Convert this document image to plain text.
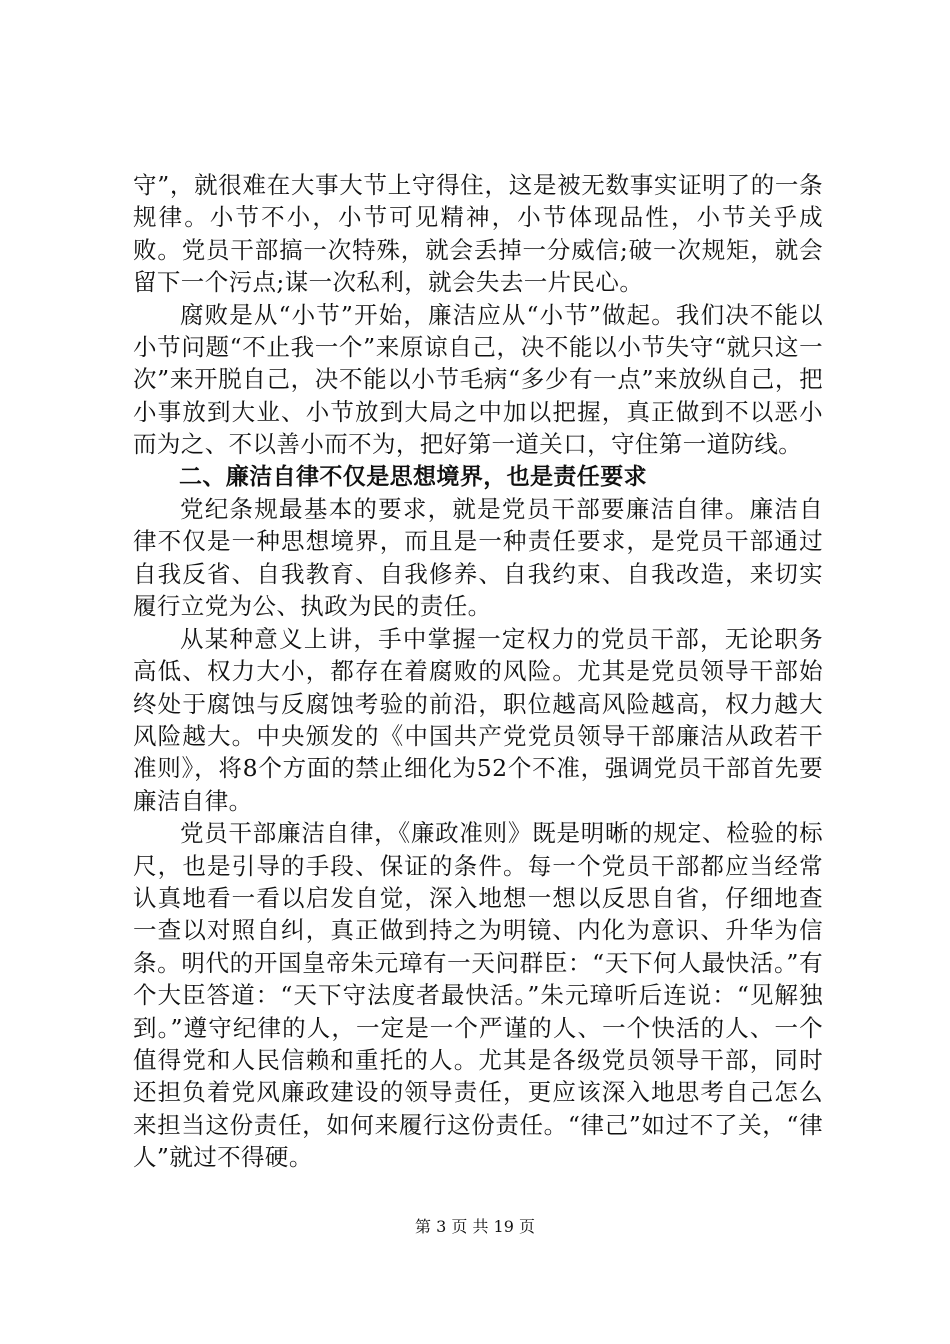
守”，就很难在大事大节上守得住，这是被无数事实证明了的一条规律。小节不小，小节可见精神，小节体现品性，小节关乎成败。党员干部搞一次特殊，就会丢掉一分威信;破一次规矩，就会留下一个污点;谋一次私利，就会失去一片民心。

腐败是从“小节”开始，廉洁应从“小节”做起。我们决不能以小节问题“不止我一个”来原谅自己，决不能以小节失守“就只这一次”来开脱自己，决不能以小节毛病“多少有一点”来放纵自己，把小事放到大业、小节放到大局之中加以把握，真正做到不以恶小而为之、不以善小而不为，把好第一道关口，守住第一道防线。

二、廉洁自律不仅是思想境界，也是责任要求

党纪条规最基本的要求，就是党员干部要廉洁自律。廉洁自律不仅是一种思想境界，而且是一种责任要求，是党员干部通过自我反省、自我教育、自我修养、自我约束、自我改造，来切实履行立党为公、执政为民的责任。

从某种意义上讲，手中掌握一定权力的党员干部，无论职务高低、权力大小，都存在着腐败的风险。尤其是党员领导干部始终处于腐蚀与反腐蚀考验的前沿，职位越高风险越高，权力越大风险越大。中央颁发的《中国共产党党员领导干部廉洁从政若干准则》，将8个方面的禁止细化为52个不准，强调党员干部首先要廉洁自律。

党员干部廉洁自律，《廉政准则》既是明晰的规定、检验的标尺，也是引导的手段、保证的条件。每一个党员干部都应当经常认真地看一看以启发自觉，深入地想一想以反思自省，仔细地查一查以对照自纠，真正做到持之为明镜、内化为意识、升华为信条。明代的开国皇帝朱元璋有一天问群臣：“天下何人最快活。”有个大臣答道：“天下守法度者最快活。”朱元璋听后连说：“见解独到。”遵守纪律的人，一定是一个严谨的人、一个快活的人、一个值得党和人民信赖和重托的人。尤其是各级党员领导干部，同时还担负着党风廉政建设的领导责任，更应该深入地思考自己怎么来担当这份责任，如何来履行这份责任。“律己”如过不了关，“律人”就过不得硬。

第 3 页 共 19 页
